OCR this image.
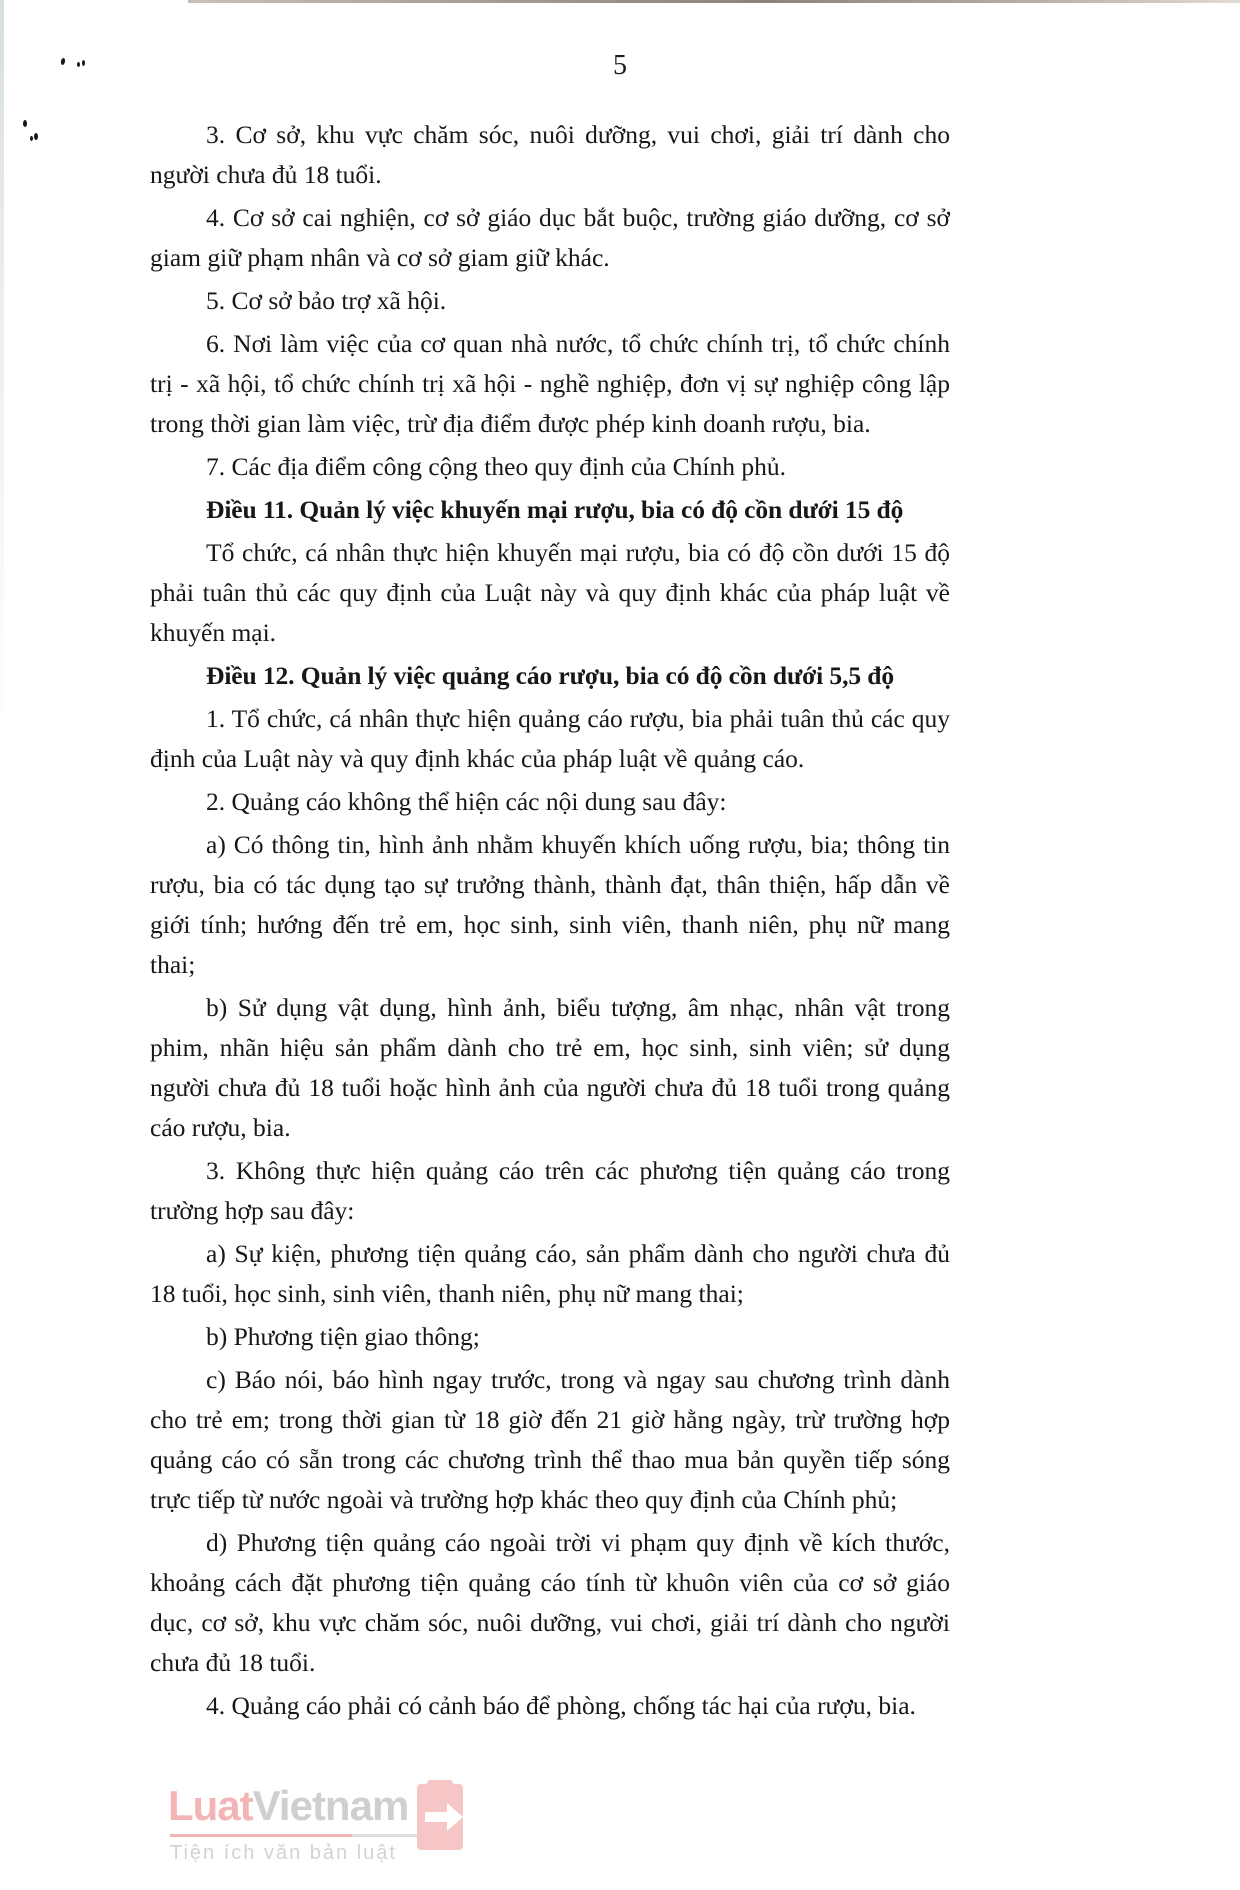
5

3. Cơ sở, khu vực chăm sóc, nuôi dưỡng, vui chơi, giải trí dành cho người chưa đủ 18 tuổi.

4. Cơ sở cai nghiện, cơ sở giáo dục bắt buộc, trường giáo dưỡng, cơ sở giam giữ phạm nhân và cơ sở giam giữ khác.

5. Cơ sở bảo trợ xã hội.

6. Nơi làm việc của cơ quan nhà nước, tổ chức chính trị, tổ chức chính trị - xã hội, tổ chức chính trị xã hội - nghề nghiệp, đơn vị sự nghiệp công lập trong thời gian làm việc, trừ địa điểm được phép kinh doanh rượu, bia.

7. Các địa điểm công cộng theo quy định của Chính phủ.

Điều 11. Quản lý việc khuyến mại rượu, bia có độ cồn dưới 15 độ

Tổ chức, cá nhân thực hiện khuyến mại rượu, bia có độ cồn dưới 15 độ phải tuân thủ các quy định của Luật này và quy định khác của pháp luật về khuyến mại.

Điều 12. Quản lý việc quảng cáo rượu, bia có độ cồn dưới 5,5 độ

1. Tổ chức, cá nhân thực hiện quảng cáo rượu, bia phải tuân thủ các quy định của Luật này và quy định khác của pháp luật về quảng cáo.

2. Quảng cáo không thể hiện các nội dung sau đây:

a) Có thông tin, hình ảnh nhằm khuyến khích uống rượu, bia; thông tin rượu, bia có tác dụng tạo sự trưởng thành, thành đạt, thân thiện, hấp dẫn về giới tính; hướng đến trẻ em, học sinh, sinh viên, thanh niên, phụ nữ mang thai;

b) Sử dụng vật dụng, hình ảnh, biểu tượng, âm nhạc, nhân vật trong phim, nhãn hiệu sản phẩm dành cho trẻ em, học sinh, sinh viên; sử dụng người chưa đủ 18 tuổi hoặc hình ảnh của người chưa đủ 18 tuổi trong quảng cáo rượu, bia.

3. Không thực hiện quảng cáo trên các phương tiện quảng cáo trong trường hợp sau đây:

a) Sự kiện, phương tiện quảng cáo, sản phẩm dành cho người chưa đủ 18 tuổi, học sinh, sinh viên, thanh niên, phụ nữ mang thai;

b) Phương tiện giao thông;

c) Báo nói, báo hình ngay trước, trong và ngay sau chương trình dành cho trẻ em; trong thời gian từ 18 giờ đến 21 giờ hằng ngày, trừ trường hợp quảng cáo có sẵn trong các chương trình thể thao mua bản quyền tiếp sóng trực tiếp từ nước ngoài và trường hợp khác theo quy định của Chính phủ;

d) Phương tiện quảng cáo ngoài trời vi phạm quy định về kích thước, khoảng cách đặt phương tiện quảng cáo tính từ khuôn viên của cơ sở giáo dục, cơ sở, khu vực chăm sóc, nuôi dưỡng, vui chơi, giải trí dành cho người chưa đủ 18 tuổi.

4. Quảng cáo phải có cảnh báo để phòng, chống tác hại của rượu, bia.

LuatVietnam
Tiện ích văn bản luật
